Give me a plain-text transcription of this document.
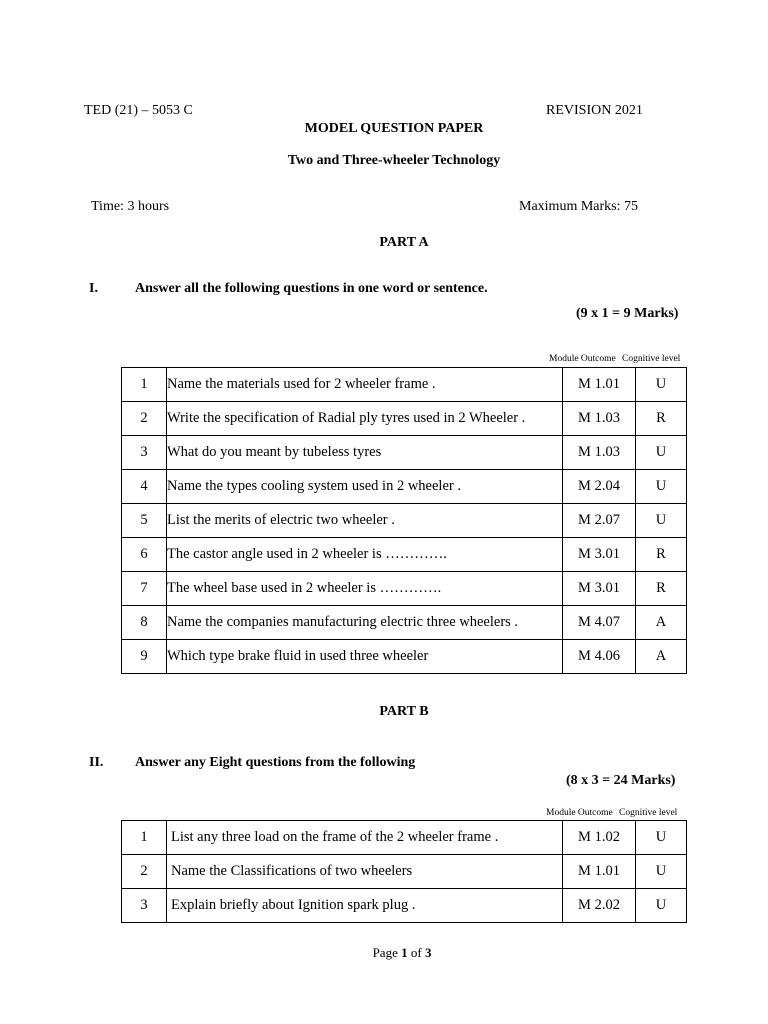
TED (21) – 5053 C	REVISION 2021
MODEL QUESTION PAPER
Two and Three-wheeler Technology
Time: 3 hours	Maximum Marks: 75
PART A
I.	Answer all the following questions in one word or sentence.
(9 x 1 = 9 Marks)
Module Outcome Cognitive level
1	Name the materials used for 2 wheeler frame .	M 1.01	U
2	Write the specification of Radial ply tyres used in 2 Wheeler .	M 1.03	R
3	What do you meant by tubeless tyres	M 1.03	U
4	Name the types cooling system used in 2 wheeler .	M 2.04	U
5	List the merits of electric two wheeler .	M 2.07	U
6	The castor angle used in 2 wheeler is ………….	M 3.01	R
7	The wheel base used in 2 wheeler is ………….	M 3.01	R
8	Name the companies manufacturing electric three wheelers .	M 4.07	A
9	Which type brake fluid in used three wheeler	M 4.06	A
PART B
II. Answer any Eight questions from the following
(8 x 3 = 24 Marks)
Module Outcome Cognitive level
1	List any three load on the frame of the 2 wheeler frame .	M 1.02	U
2	Name the Classifications of two wheelers	M 1.01	U
3	Explain briefly about Ignition spark plug .	M 2.02	U
Page 1 of 3
